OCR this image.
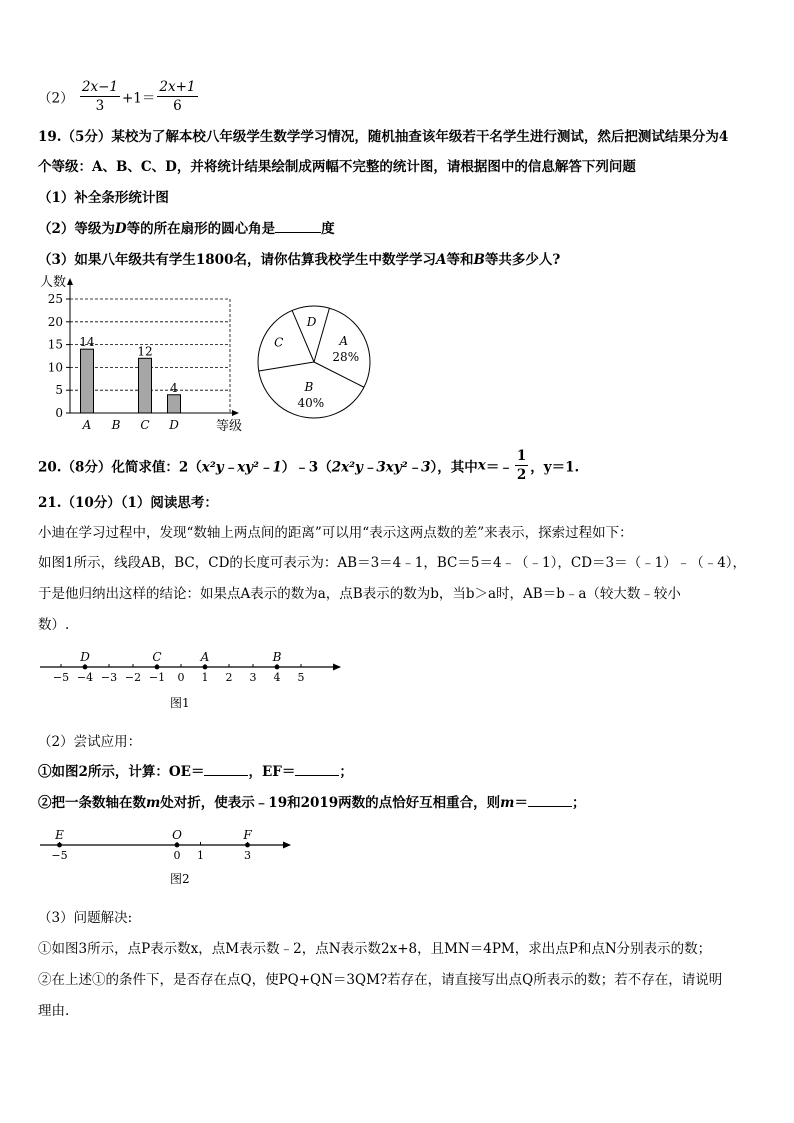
$(2) \frac{2x-1}{3} +1= \frac{2x+1}{6}$
19.（5分）某校为了解本校八年级学生数学学习情况，随机抽查该年级若干名学生进行测试，然后把测试结果分为4
个等级：A、B、C、D，并将统计结果绘制成两幅不完整的统计图，请根据图中的信息解答下列问题
（1）补全条形统计图
（2）等级为D等的所在扇形的圆心角是	度
（3）如果八年级共有学生1800名，请你估算我校学生中数学学习A等和B等共多少人?
人数
0
5
10
15
20
25
14
12
4
A B C D	等级
A
28%
B
40%
C
D
20.（8分）化简求值：2（x²y﹣xy²﹣1）﹣3（2x²y﹣3xy²﹣3），其中x＝﹣ $\frac{1}{2}$ ，y＝1.
21.（10分）（1）阅读思考：
小迪在学习过程中，发现“数轴上两点间的距离”可以用“表示这两点数的差”来表示，探索过程如下：
如图1所示，线段AB，BC，CD的长度可表示为：AB＝3＝4﹣1，BC＝5＝4﹣（﹣1），CD＝3＝（﹣1）﹣（﹣4），
于是他归纳出这样的结论：如果点A表示的数为a，点B表示的数为b，当b＞a时，AB＝b﹣a（较大数﹣较小
数）.
−5 −4 −3 −2 −1 0 1 2 3 4 5
D	C	A	B
图1
（2）尝试应用：
①如图2所示，计算：OE＝	，EF＝	；
②把一条数轴在数m处对折，使表示﹣19和2019两数的点恰好互相重合，则m＝	；
−5	0 1	3
E	O	F
图2
（3）问题解决:
①如图3所示，点P表示数x，点M表示数﹣2，点N表示数2x+8，且MN＝4PM，求出点P和点N分别表示的数；
②在上述①的条件下，是否存在点Q，使PQ+QN＝3QM?若存在，请直接写出点Q所表示的数；若不存在，请说明
理由.
